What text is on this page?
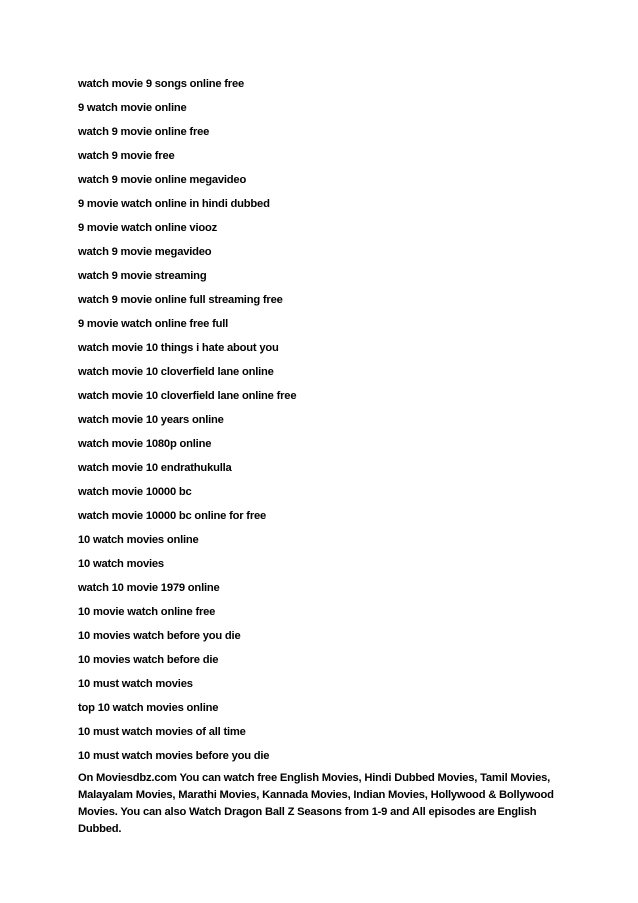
watch movie 9 songs online free
9 watch movie online
watch 9 movie online free
watch 9 movie free
watch 9 movie online megavideo
9 movie watch online in hindi dubbed
9 movie watch online viooz
watch 9 movie megavideo
watch 9 movie streaming
watch 9 movie online full streaming free
9 movie watch online free full
watch movie 10 things i hate about you
watch movie 10 cloverfield lane online
watch movie 10 cloverfield lane online free
watch movie 10 years online
watch movie 1080p online
watch movie 10 endrathukulla
watch movie 10000 bc
watch movie 10000 bc online for free
10 watch movies online
10 watch movies
watch 10 movie 1979 online
10 movie watch online free
10 movies watch before you die
10 movies watch before die
10 must watch movies
top 10 watch movies online
10 must watch movies of all time
10 must watch movies before you die

On Moviesdbz.com You can watch free English Movies, Hindi Dubbed Movies, Tamil Movies, Malayalam Movies, Marathi Movies, Kannada Movies, Indian Movies, Hollywood & Bollywood Movies. You can also Watch Dragon Ball Z Seasons from 1-9 and All episodes are English Dubbed.
